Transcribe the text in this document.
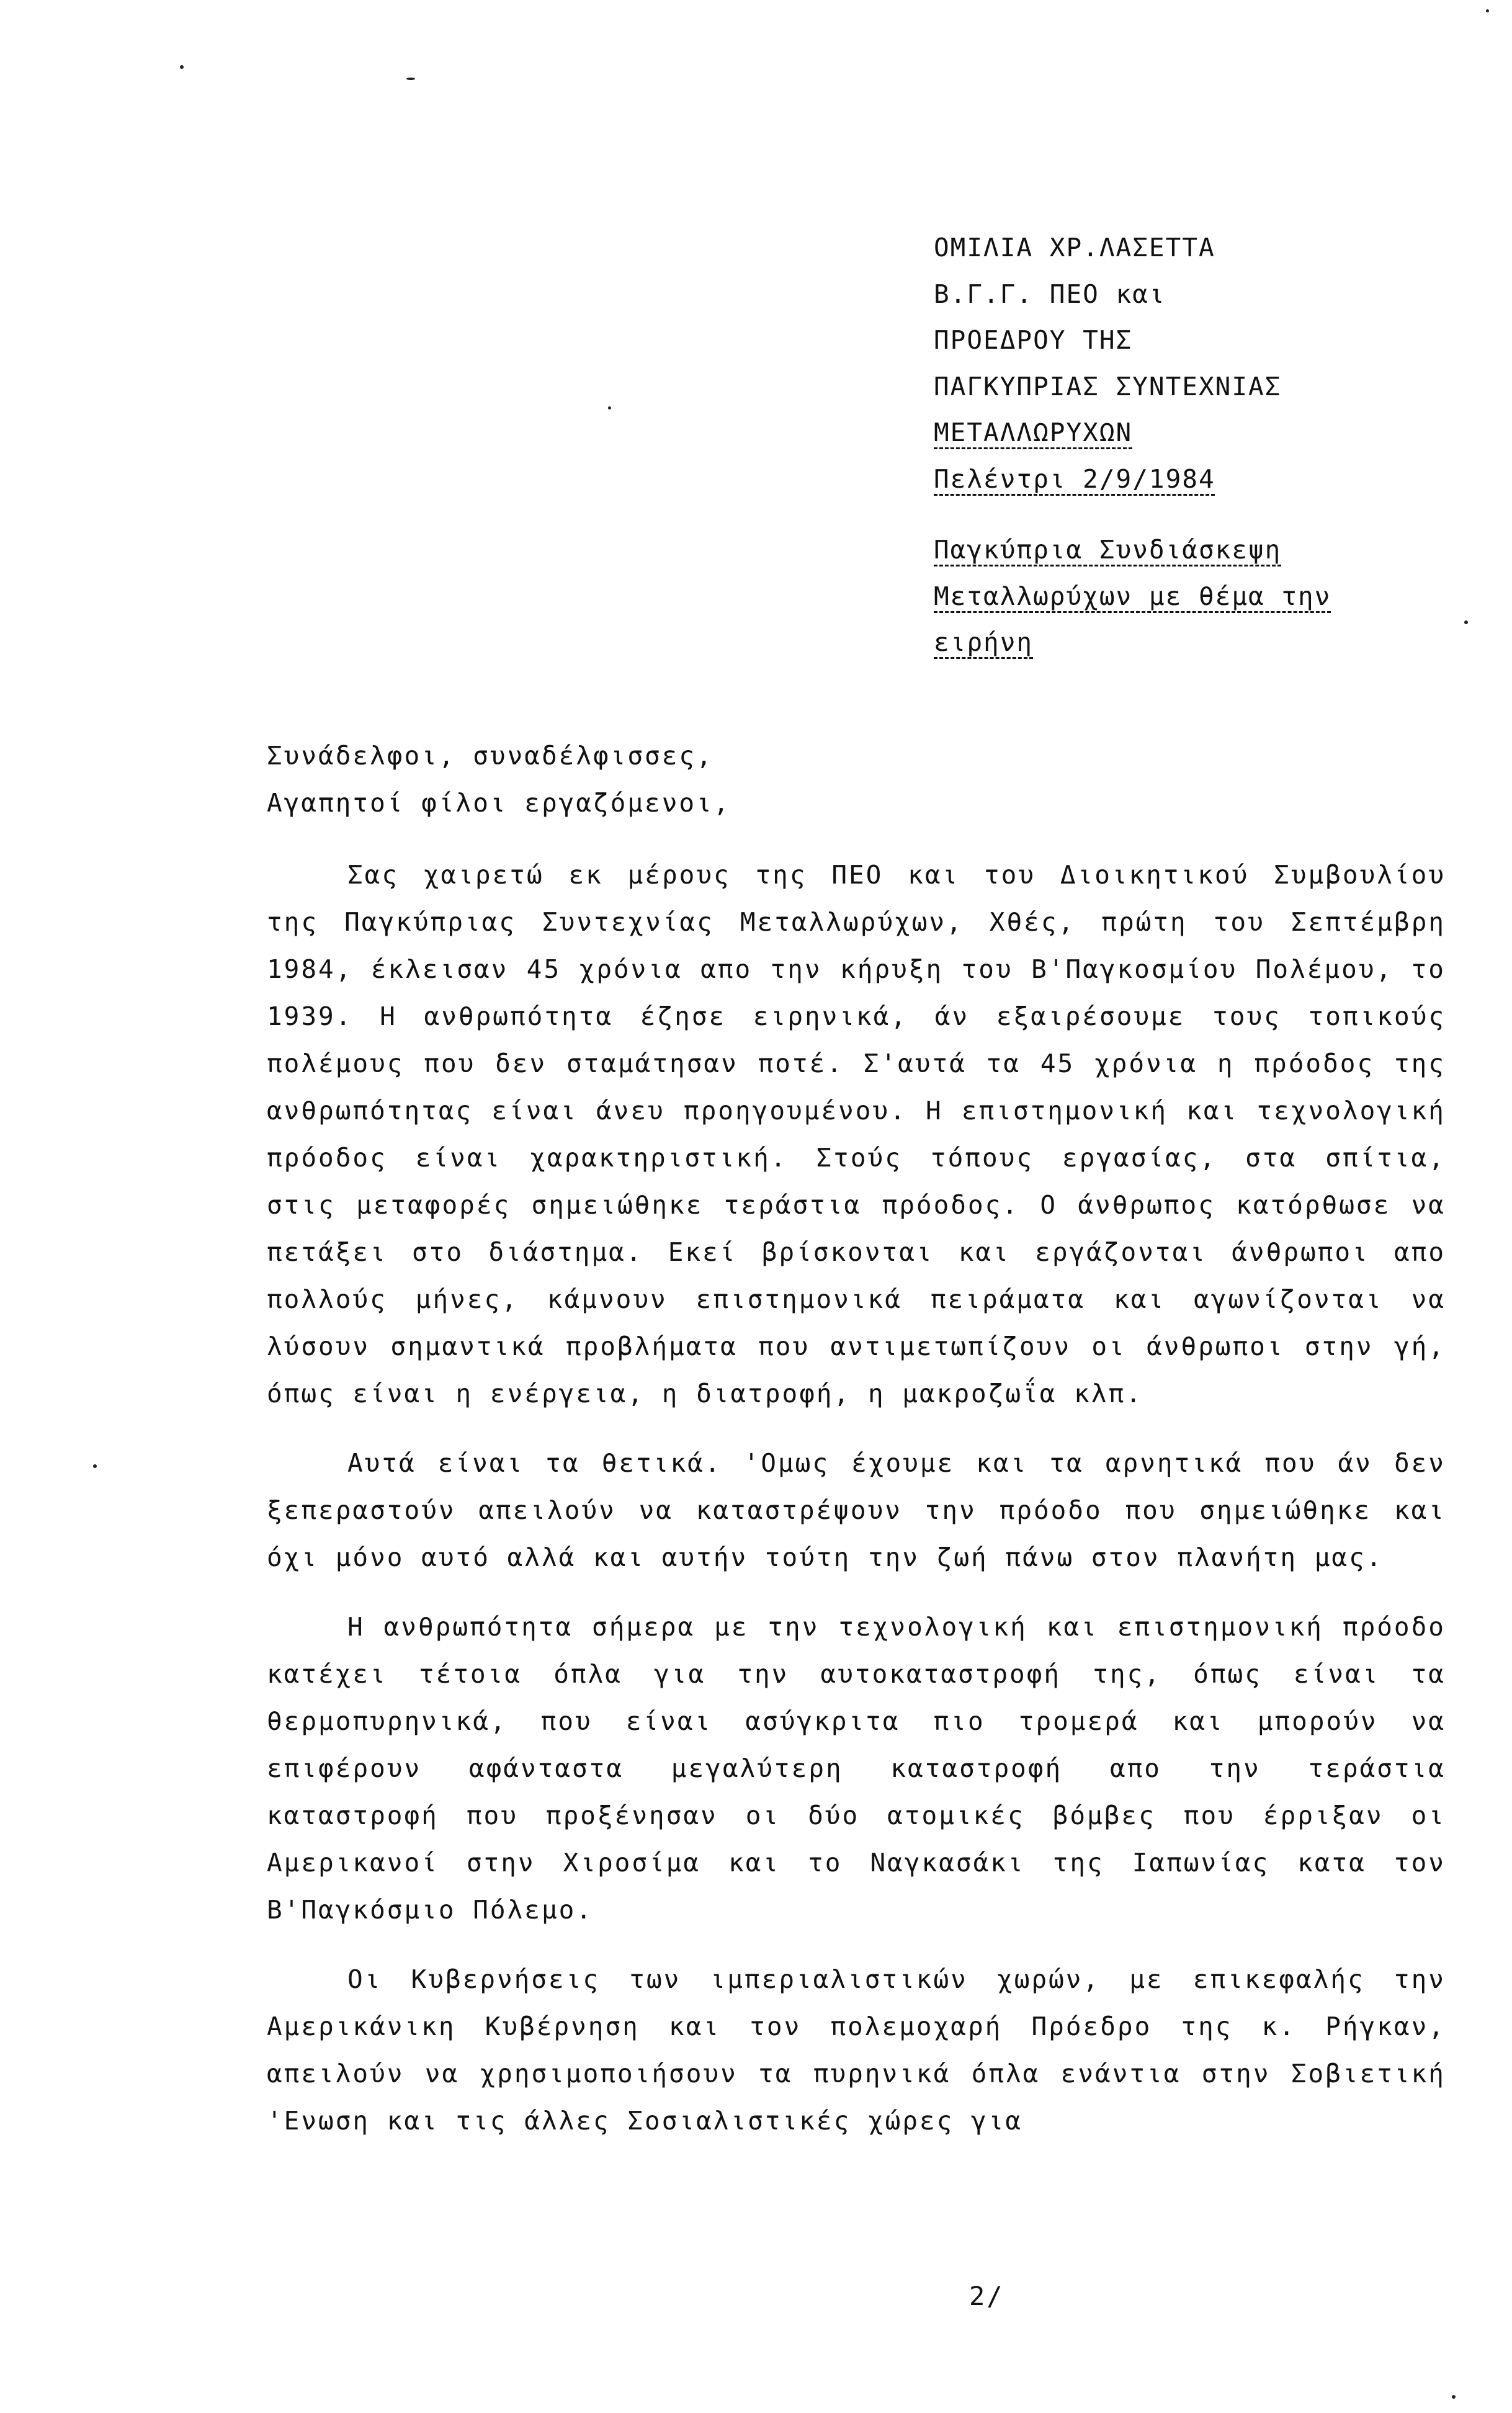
ΟΜΙΛΙΑ ΧΡ.ΛΑΣΕΤΤΑ
Β.Γ.Γ. ΠΕΟ και
ΠΡΟΕΔΡΟΥ ΤΗΣ
ΠΑΓΚΥΠΡΙΑΣ ΣΥΝΤΕΧΝΙΑΣ
ΜΕΤΑΛΛΩΡΥΧΩΝ
Πελέντρι 2/9/1984
Παγκύπρια Συνδιάσκεψη
Μεταλλωρύχων με θέμα την
ειρήνη

Συνάδελφοι, συναδέλφισσες,
Αγαπητοί φίλοι εργαζόμενοι,

Σας χαιρετώ εκ μέρους της ΠΕΟ και του Διοικητικού Συμβουλίου της Παγκύπριας Συντεχνίας Μεταλλωρύχων, Χθές, πρώτη του Σεπτέμβρη 1984, έκλεισαν 45 χρόνια απο την κήρυξη του Β'Παγκοσμίου Πολέμου, το 1939. Η ανθρωπότητα έζησε ειρηνικά, άν εξαιρέσουμε τους τοπικούς πολέμους που δεν σταμάτησαν ποτέ. Σ'αυτά τα 45 χρόνια η πρόοδος της ανθρωπότητας είναι άνευ προηγουμένου. Η επιστημονική και τεχνολογική πρόοδος είναι χαρακτηριστική. Στούς τόπους εργασίας, στα σπίτια, στις μεταφορές σημειώθηκε τεράστια πρόοδος. Ο άνθρωπος κατόρθωσε να πετάξει στο διάστημα. Εκεί βρίσκονται και εργάζονται άνθρωποι απο πολλούς μήνες, κάμνουν επιστημονικά πειράματα και αγωνίζονται να λύσουν σημαντικά προβλήματα που αντιμετωπίζουν οι άνθρωποι στην γή, όπως είναι η ενέργεια, η διατροφή, η μακροζωΐα κλπ.

Αυτά είναι τα θετικά. 'Ομως έχουμε και τα αρνητικά που άν δεν ξεπεραστούν απειλούν να καταστρέψουν την πρόοδο που σημειώθηκε και όχι μόνο αυτό αλλά και αυτήν τούτη την ζωή πάνω στον πλανήτη μας.

Η ανθρωπότητα σήμερα με την τεχνολογική και επιστημονική πρόοδο κατέχει τέτοια όπλα για την αυτοκαταστροφή της, όπως είναι τα θερμοπυρηνικά, που είναι ασύγκριτα πιο τρομερά και μπορούν να επιφέρουν αφάνταστα μεγαλύτερη καταστροφή απο την τεράστια καταστροφή που προξένησαν οι δύο ατομικές βόμβες που έρριξαν οι Αμερικανοί στην Χιροσίμα και το Ναγκασάκι της Ιαπωνίας κατα τον Β'Παγκόσμιο Πόλεμο.

Οι Κυβερνήσεις των ιμπεριαλιστικών χωρών, με επικεφαλής την Αμερικάνικη Κυβέρνηση και τον πολεμοχαρή Πρόεδρο της κ. Ρήγκαν, απειλούν να χρησιμοποιήσουν τα πυρηνικά όπλα ενάντια στην Σοβιετική 'Ενωση και τις άλλες Σοσιαλιστικές χώρες για

2/
